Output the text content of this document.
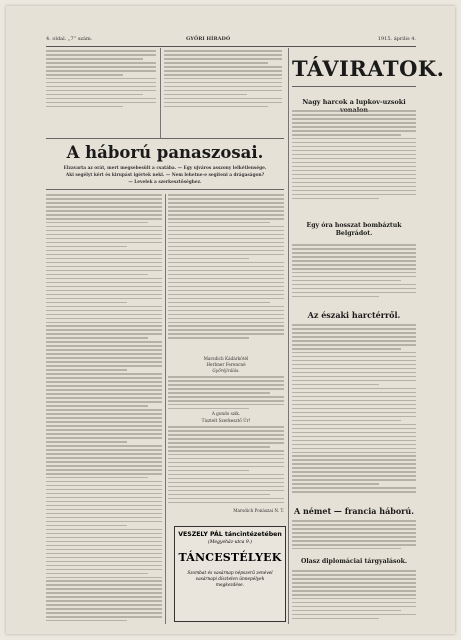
4. oldal. „7” szám.	GYŐRI HÍRADÓ	1915. április 4.
A háború panaszosai.
Elzavarta az orát, mert megsebesült a csatába. — Egy ujváros asszony lelkétlensége.
Aki segélyt kért és kirupást igértek neki. — Nem lehetne-e segíteni a drágaságon?
— Levelek a szerkesztőséghez.
Marsdich Kádárkötél
Herbner Ferencné
Győréjirálás.
A gondo szik.
Tisztelt Szerkesztő Úr!
Marsdich Ponászai N. T.
VESZELY PÁL táncintézetében
(Megyeház-utca 9.)
TÁNCESTÉLYEK
Szombat és vasárnap népszerű zenével vasárnapi dísztelen ünnepélyek megkezdése.
TÁVIRATOK.
Nagy harcok a lupkov-uzsoki
Egy óra hosszat bombáztuk Belgrádot.
Az északi harctérről.
A német — francia háború.
Olasz diplomáciai tárgyalások.
